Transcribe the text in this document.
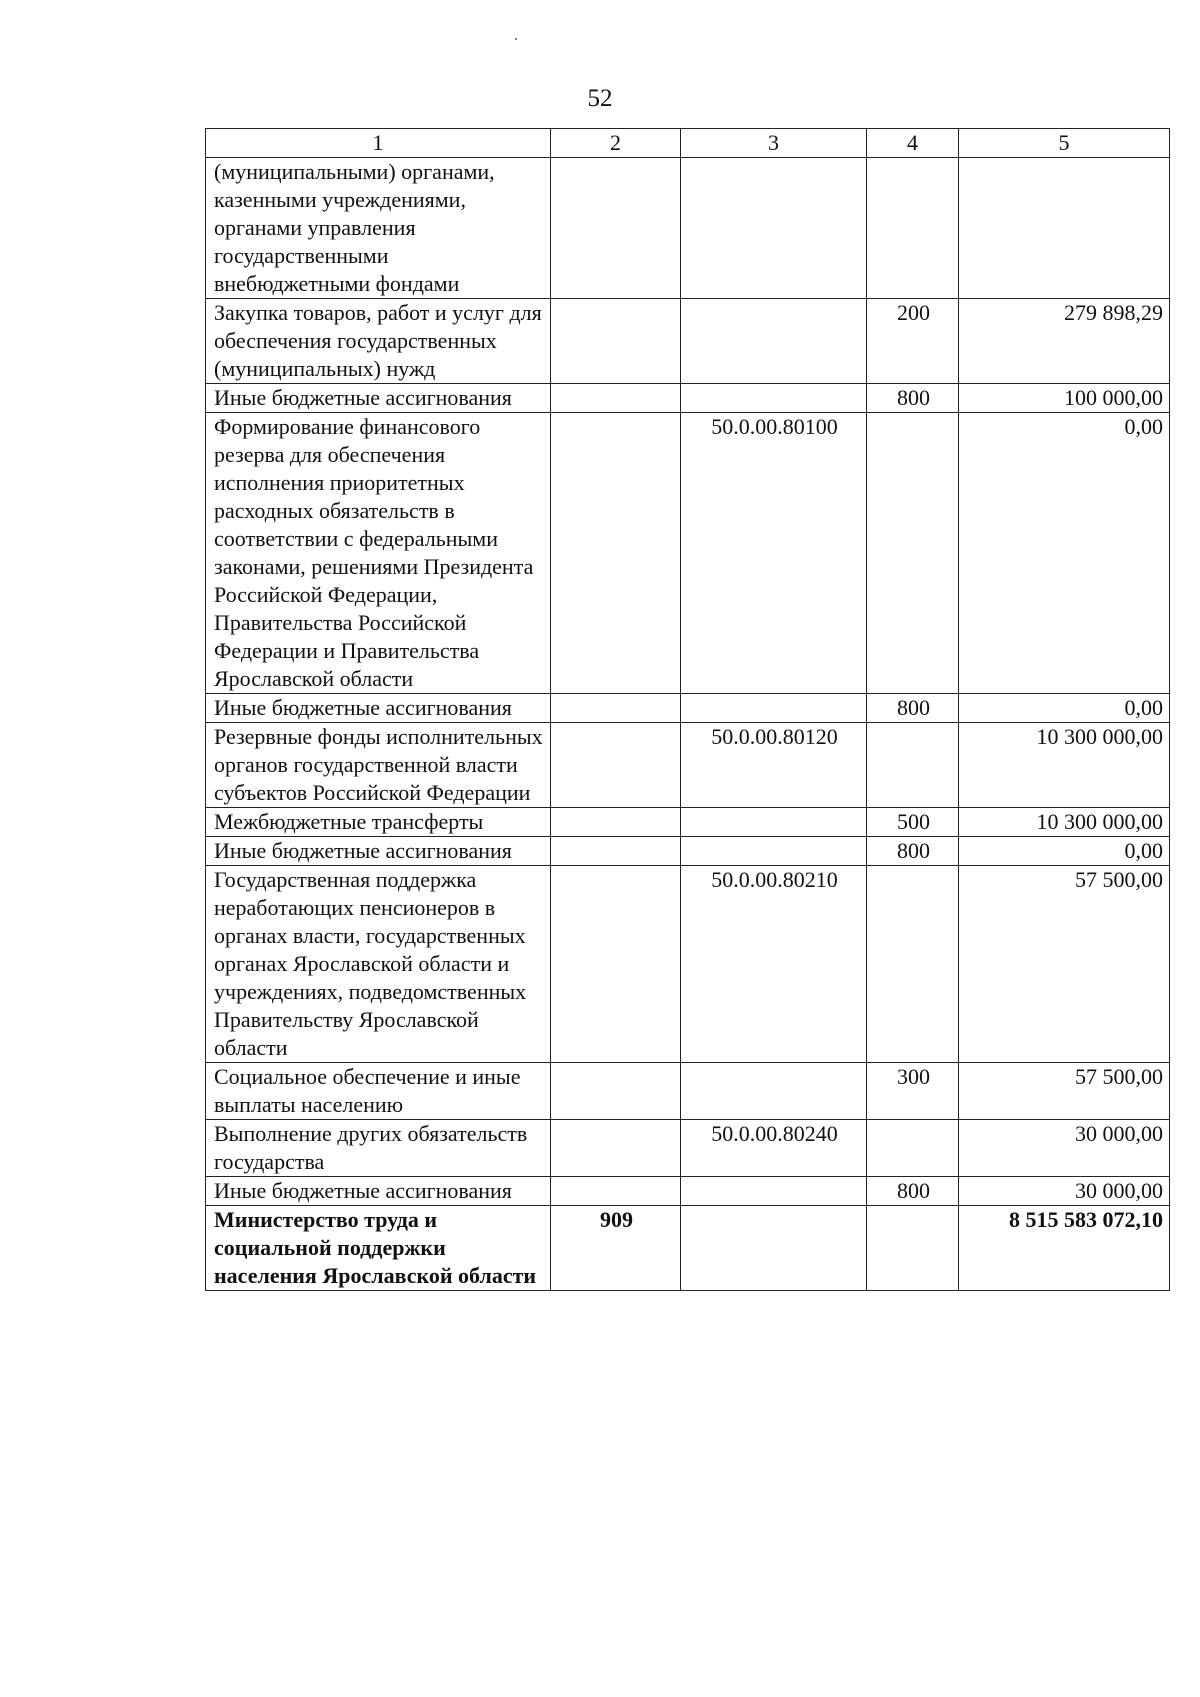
52
1	2	3	4	5
(муниципальными) органами, казенными учреждениями, органами управления государственными внебюджетными фондами				
Закупка товаров, работ и услуг для обеспечения государственных (муниципальных) нужд			200	279 898,29
Иные бюджетные ассигнования			800	100 000,00
Формирование финансового резерва для обеспечения исполнения приоритетных расходных обязательств в соответствии с федеральными законами, решениями Президента Российской Федерации, Правительства Российской Федерации и Правительства Ярославской области		50.0.00.80100		0,00
Иные бюджетные ассигнования			800	0,00
Резервные фонды исполнительных органов государственной власти субъектов Российской Федерации		50.0.00.80120		10 300 000,00
Межбюджетные трансферты			500	10 300 000,00
Иные бюджетные ассигнования			800	0,00
Государственная поддержка неработающих пенсионеров в органах власти, государственных органах Ярославской области и учреждениях, подведомственных Правительству Ярославской области		50.0.00.80210		57 500,00
Социальное обеспечение и иные выплаты населению			300	57 500,00
Выполнение других обязательств государства		50.0.00.80240		30 000,00
Иные бюджетные ассигнования			800	30 000,00
Министерство труда и социальной поддержки населения Ярославской области	909			8 515 583 072,10
